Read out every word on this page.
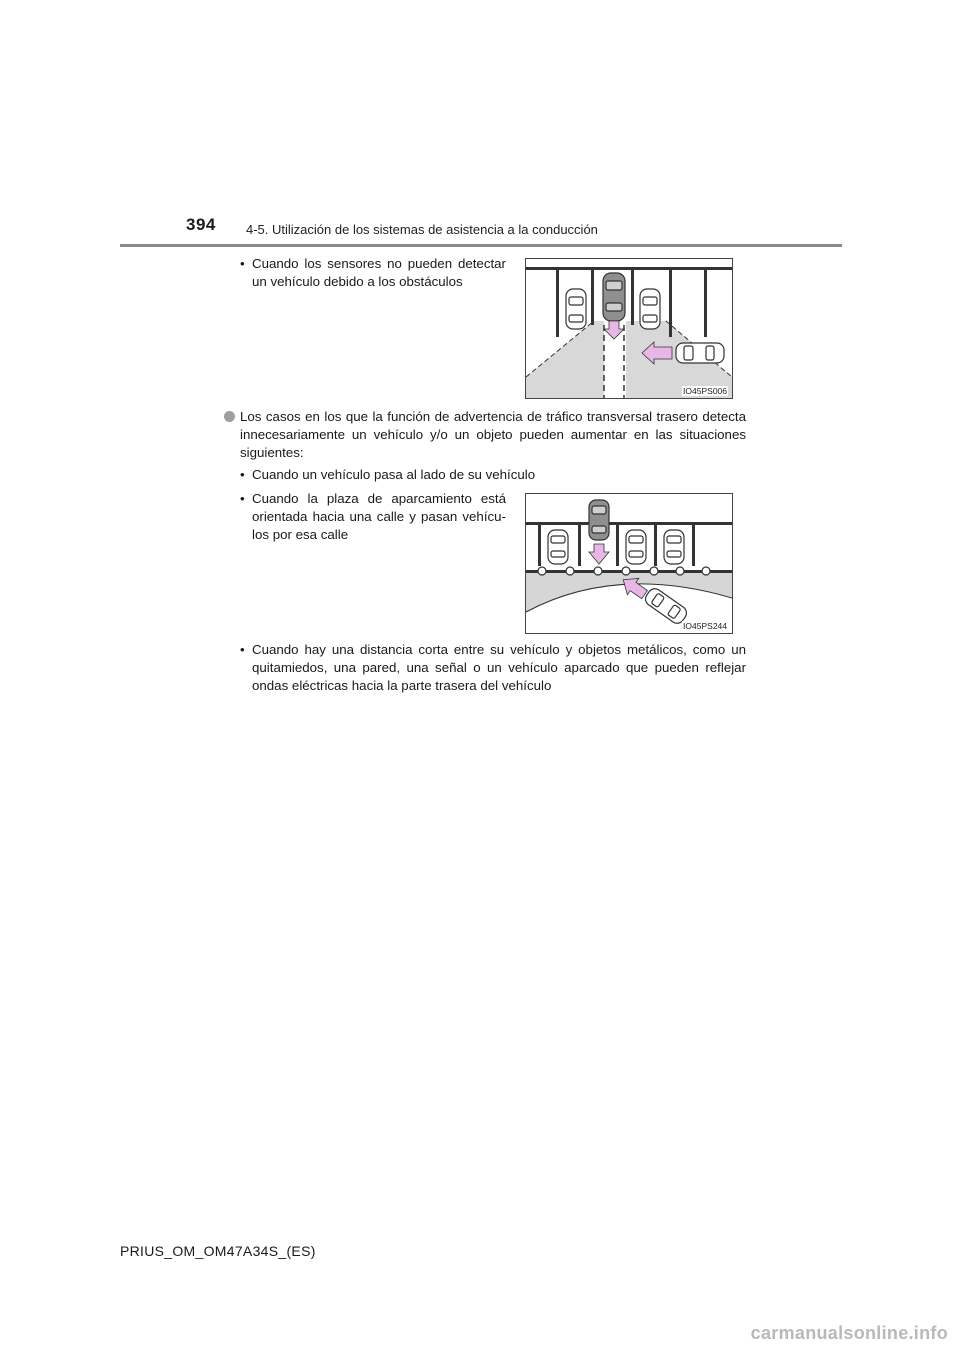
394 4-5. Utilización de los sistemas de asistencia a la conducción
• Cuando los sensores no pueden detectar un vehículo debido a los obstáculos
IO45PS006
Los casos en los que la función de advertencia de tráfico transversal trasero detecta innecesariamente un vehículo y/o un objeto pueden aumentar en las situaciones siguientes:
• Cuando un vehículo pasa al lado de su vehículo
• Cuando la plaza de aparcamiento está orientada hacia una calle y pasan vehícu-los por esa calle
IO45PS244
• Cuando hay una distancia corta entre su vehículo y objetos metálicos, como un quitamiedos, una pared, una señal o un vehículo aparcado que pueden reflejar ondas eléctricas hacia la parte trasera del vehículo
PRIUS_OM_OM47A34S_(ES)
carmanualsonline.info
